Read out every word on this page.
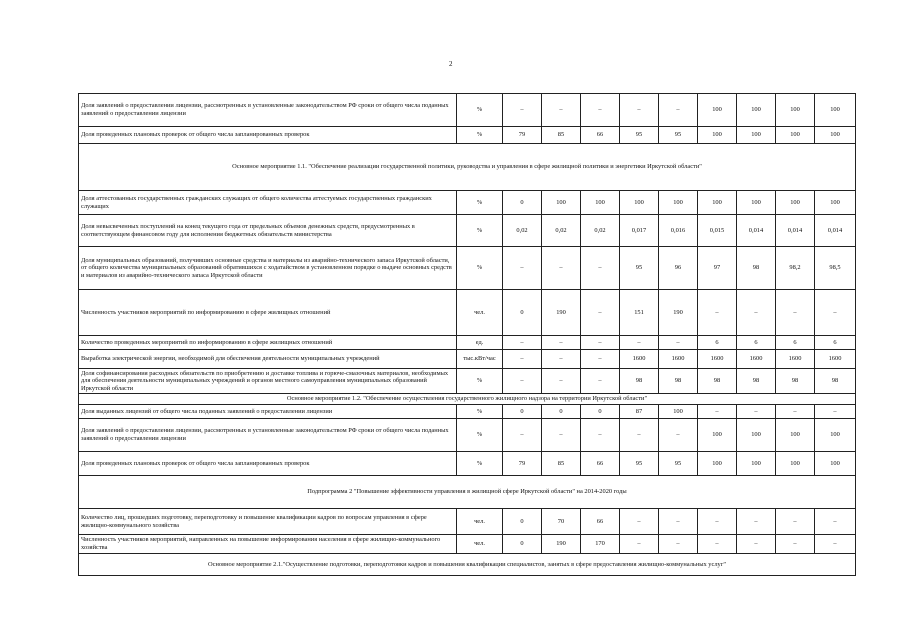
2
Доля заявлений о предоставлении лицензии, рассмотренных в установленные законодательством РФ сроки от общего числа поданных заявлений о предоставлении лицензии	%	–	–	–	–	–	100	100	100	100
Доля проведенных плановых проверок от общего числа запланированных проверок	%	79	85	66	95	95	100	100	100	100
Основное мероприятие 1.1. "Обеспечение реализации государственной политики, руководства и управления в сфере жилищной политики и энергетики Иркутской области"										
Доля аттестованных государственных гражданских служащих от общего количества аттестуемых государственных гражданских служащих	%	0	100	100	100	100	100	100	100	100
Доля невысвеченных поступлений на конец текущего года от предельных объемов денежных средств, предусмотренных в соответствующем финансовом году для исполнения бюджетных обязательств министерства	%	0,02	0,02	0,02	0,017	0,016	0,015	0,014	0,014	0,014
Доля муниципальных образований, получивших основные средства и материалы из аварийно-технического запаса Иркутской области, от общего количества муниципальных образований обратившихся с ходатайством в установленном порядке о выдаче основных средств и материалов из аварийно-технического запаса Иркутской области	%	–	–	–	95	96	97	98	98,2	98,5
Численность участников мероприятий по информированию в сфере жилищных отношений	чел.	0	190	–	151	190	–	–	–	–
Количество проведенных мероприятий по информированию в сфере жилищных отношений	ед.	–	–	–	–	–	6	6	6	6
Выработка электрической энергии, необходимой для обеспечения деятельности муниципальных учреждений	тыс.кВт/час	–	–	–	1600	1600	1600	1600	1600	1600
Доля софинансирования расходных обязательств по приобретению и доставке топлива и горюче-смазочных материалов, необходимых для обеспечения деятельности муниципальных учреждений и органов местного самоуправления муниципальных образований Иркутской области	%	–	–	–	98	98	98	98	98	98
Основное мероприятие 1.2. "Обеспечение осуществления государственного жилищного надзора на территории Иркутской области"										
Доля выданных лицензий от общего числа поданных заявлений о предоставлении лицензии	%	0	0	0	87	100	–	–	–	–
Доля заявлений о предоставлении лицензии, рассмотренных в установленные законодательством РФ сроки от общего числа поданных заявлений о предоставлении лицензии	%	–	–	–	–	–	100	100	100	100
Доля проведенных плановых проверок от общего числа запланированных проверок	%	79	85	66	95	95	100	100	100	100
Подпрограмма 2 "Повышение эффективности управления в жилищной сфере Иркутской области" на 2014-2020 годы										
Количество лиц, прошедших подготовку, переподготовку и повышение квалификации кадров по вопросам управления в сфере жилищно-коммунального хозяйства	чел.	0	70	66	–	–	–	–	–	–
Численность участников мероприятий, направленных на повышение информирования населения в сфере жилищно-коммунального хозяйства	чел.	0	190	170	–	–	–	–	–	–
Основное мероприятие 2.1."Осуществление подготовки, переподготовки кадров и повышения квалификации специалистов, занятых в сфере предоставления жилищно-коммунальных услуг"										
